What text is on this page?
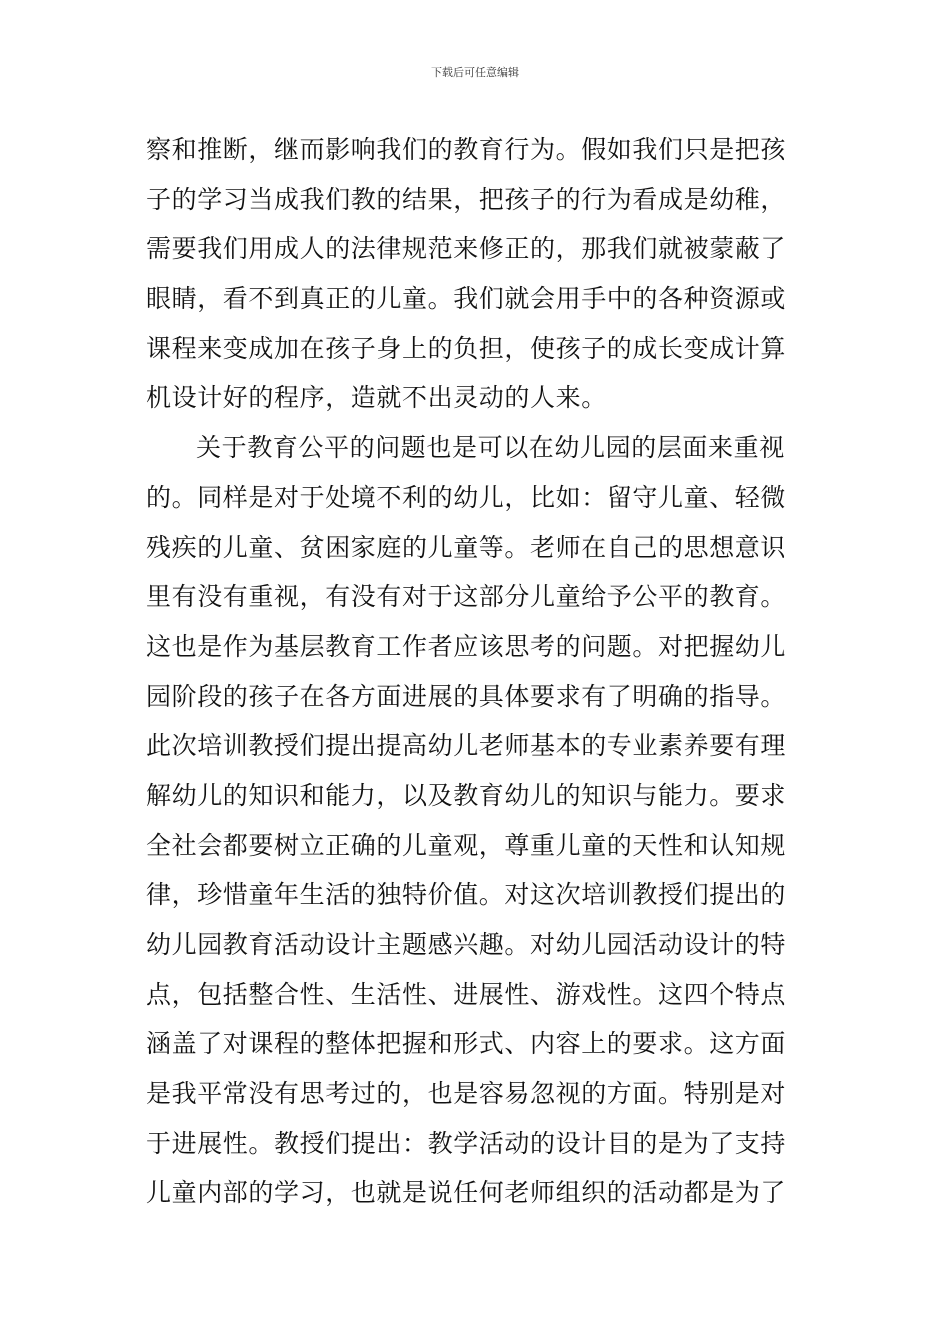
下载后可任意编辑
察和推断，继而影响我们的教育行为。假如我们只是把孩
子的学习当成我们教的结果，把孩子的行为看成是幼稚，
需要我们用成人的法律规范来修正的，那我们就被蒙蔽了
眼睛，看不到真正的儿童。我们就会用手中的各种资源或
课程来变成加在孩子身上的负担，使孩子的成长变成计算
机设计好的程序，造就不出灵动的人来。
关于教育公平的问题也是可以在幼儿园的层面来重视
的。同样是对于处境不利的幼儿，比如：留守儿童、轻微
残疾的儿童、贫困家庭的儿童等。老师在自己的思想意识
里有没有重视，有没有对于这部分儿童给予公平的教育。
这也是作为基层教育工作者应该思考的问题。对把握幼儿
园阶段的孩子在各方面进展的具体要求有了明确的指导。
此次培训教授们提出提高幼儿老师基本的专业素养要有理
解幼儿的知识和能力，以及教育幼儿的知识与能力。要求
全社会都要树立正确的儿童观，尊重儿童的天性和认知规
律，珍惜童年生活的独特价值。对这次培训教授们提出的
幼儿园教育活动设计主题感兴趣。对幼儿园活动设计的特
点，包括整合性、生活性、进展性、游戏性。这四个特点
涵盖了对课程的整体把握和形式、内容上的要求。这方面
是我平常没有思考过的，也是容易忽视的方面。特别是对
于进展性。教授们提出：教学活动的设计目的是为了支持
儿童内部的学习，也就是说任何老师组织的活动都是为了
